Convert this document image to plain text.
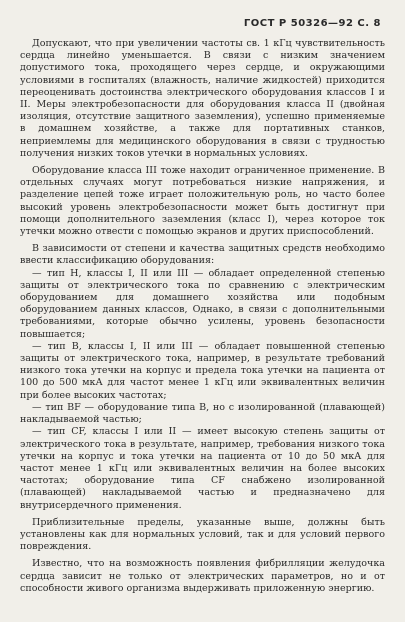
ГОСТ Р 50326—92 С. 8

Допускают, что при увеличении частоты св. 1 кГц чувствительность сердца линейно уменьшается. В связи с низким значением допустимого тока, проходящего через сердце, и окружающими условиями в госпиталях (влажность, наличие жидкостей) приходится переоценивать достоинства электрического оборудования классов I и II. Меры электробезопасности для оборудования класса II (двойная изоляция, отсутствие защитного заземления), успешно применяемые в домашнем хозяйстве, а также для портативных станков, неприемлемы для медицинского оборудования в связи с трудностью получения низких токов утечки в нормальных условиях.

Оборудование класса III тоже находит ограниченное применение. В отдельных случаях могут потребоваться низкие напряжения, и разделение цепей тоже играет положительную роль, но часто более высокий уровень электробезопасности может быть достигнут при помощи дополнительного заземления (класс I), через которое ток утечки можно отвести с помощью экранов и других приспособлений.

В зависимости от степени и качества защитных средств необходимо ввести классификацию оборудования:

— тип Н, классы I, II или III — обладает определенной степенью защиты от электрического тока по сравнению с электрическим оборудованием для домашнего хозяйства или подобным оборудованием данных классов, Однако, в связи с дополнительными требованиями, которые обычно усилены, уровень безопасности повышается;

— тип В, классы I, II или III — обладает повышенной степенью защиты от электрического тока, например, в результате требований низкого тока утечки на корпус и предела тока утечки на пациента от 100 до 500 мкА для частот менее 1 кГц или эквивалентных величин при более высоких частотах;

— тип BF — оборудование типа В, но с изолированной (плавающей) накладываемой частью;

— тип CF, классы I или II — имеет высокую степень защиты от электрического тока в результате, например, требования низкого тока утечки на корпус и тока утечки на пациента от 10 до 50 мкА для частот менее 1 кГц или эквивалентных величин на более высоких частотах; оборудование типа CF снабжено изолированной (плавающей) накладываемой частью и предназначено для внутрисердечного применения.

Приблизительные пределы, указанные выше, должны быть установлены как для нормальных условий, так и для условий первого повреждения.

Известно, что на возможность появления фибрилляции желудочка сердца зависит не только от электрических параметров, но и от способности живого организма выдерживать приложенную энергию.
